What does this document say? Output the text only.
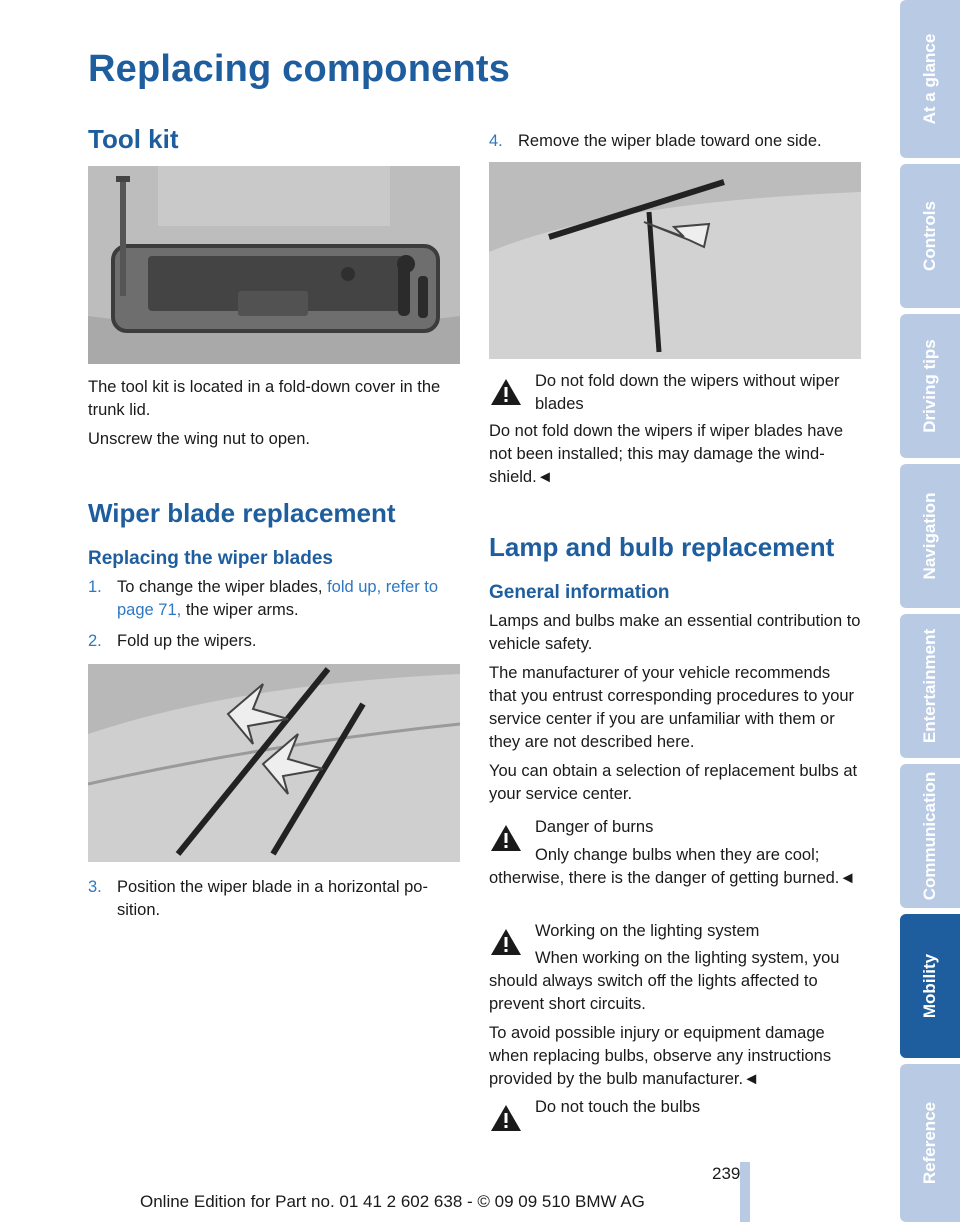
Replacing components
Tool kit
The tool kit is located in a fold-down cover in the trunk lid.
Unscrew the wing nut to open.
Wiper blade replacement
Replacing the wiper blades
1. To change the wiper blades, fold up, refer to page 71, the wiper arms.
2. Fold up the wipers.
3. Position the wiper blade in a horizontal po-sition.
4. Remove the wiper blade toward one side.
Do not fold down the wipers without wiper blades
Do not fold down the wipers if wiper blades have not been installed; this may damage the wind-shield.◄
Lamp and bulb replacement
General information
Lamps and bulbs make an essential contribution to vehicle safety.
The manufacturer of your vehicle recommends that you entrust corresponding procedures to your service center if you are unfamiliar with them or they are not described here.
You can obtain a selection of replacement bulbs at your service center.
Danger of burns
Only change bulbs when they are cool;
otherwise, there is the danger of getting burned.◄
Working on the lighting system
When working on the lighting system, you
should always switch off the lights affected to prevent short circuits.
To avoid possible injury or equipment damage when replacing bulbs, observe any instructions provided by the bulb manufacturer.◄
Do not touch the bulbs
At a glance
Controls
Driving tips
Navigation
Entertainment
Communication
Mobility
Reference
239
Online Edition for Part no. 01 41 2 602 638 - © 09 09 510 BMW AG
